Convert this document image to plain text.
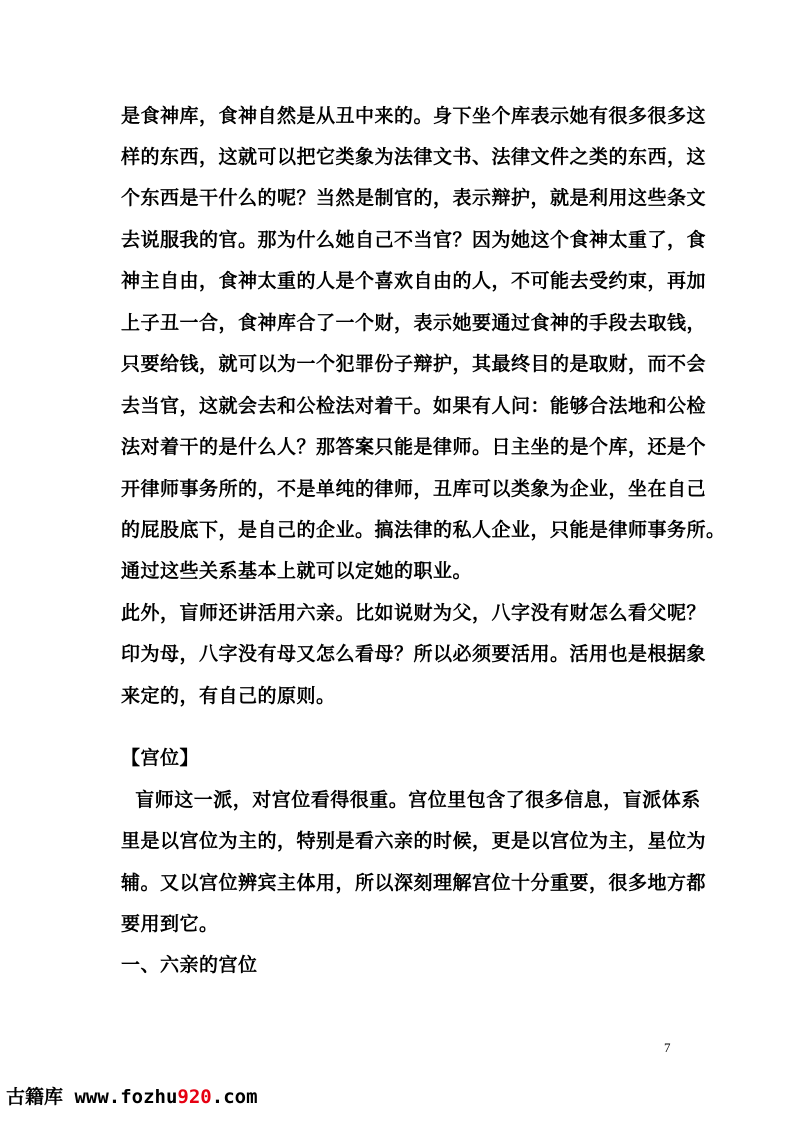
是食神库，食神自然是从丑中来的。身下坐个库表示她有很多很多这
样的东西，这就可以把它类象为法律文书、法律文件之类的东西，这
个东西是干什么的呢？当然是制官的，表示辩护，就是利用这些条文
去说服我的官。那为什么她自己不当官？因为她这个食神太重了，食
神主自由，食神太重的人是个喜欢自由的人，不可能去受约束，再加
上子丑一合，食神库合了一个财，表示她要通过食神的手段去取钱，
只要给钱，就可以为一个犯罪份子辩护，其最终目的是取财，而不会
去当官，这就会去和公检法对着干。如果有人问：能够合法地和公检
法对着干的是什么人？那答案只能是律师。日主坐的是个库，还是个
开律师事务所的，不是单纯的律师，丑库可以类象为企业，坐在自己
的屁股底下，是自己的企业。搞法律的私人企业，只能是律师事务所。
通过这些关系基本上就可以定她的职业。
此外，盲师还讲活用六亲。比如说财为父，八字没有财怎么看父呢？
印为母，八字没有母又怎么看母？所以必须要活用。活用也是根据象
来定的，有自己的原则。
【宫位】
盲师这一派，对宫位看得很重。宫位里包含了很多信息，盲派体系
里是以宫位为主的，特别是看六亲的时候，更是以宫位为主，星位为
辅。又以宫位辨宾主体用，所以深刻理解宫位十分重要，很多地方都
要用到它。
一、六亲的宫位
7
古籍库 www.fozhu920.com
